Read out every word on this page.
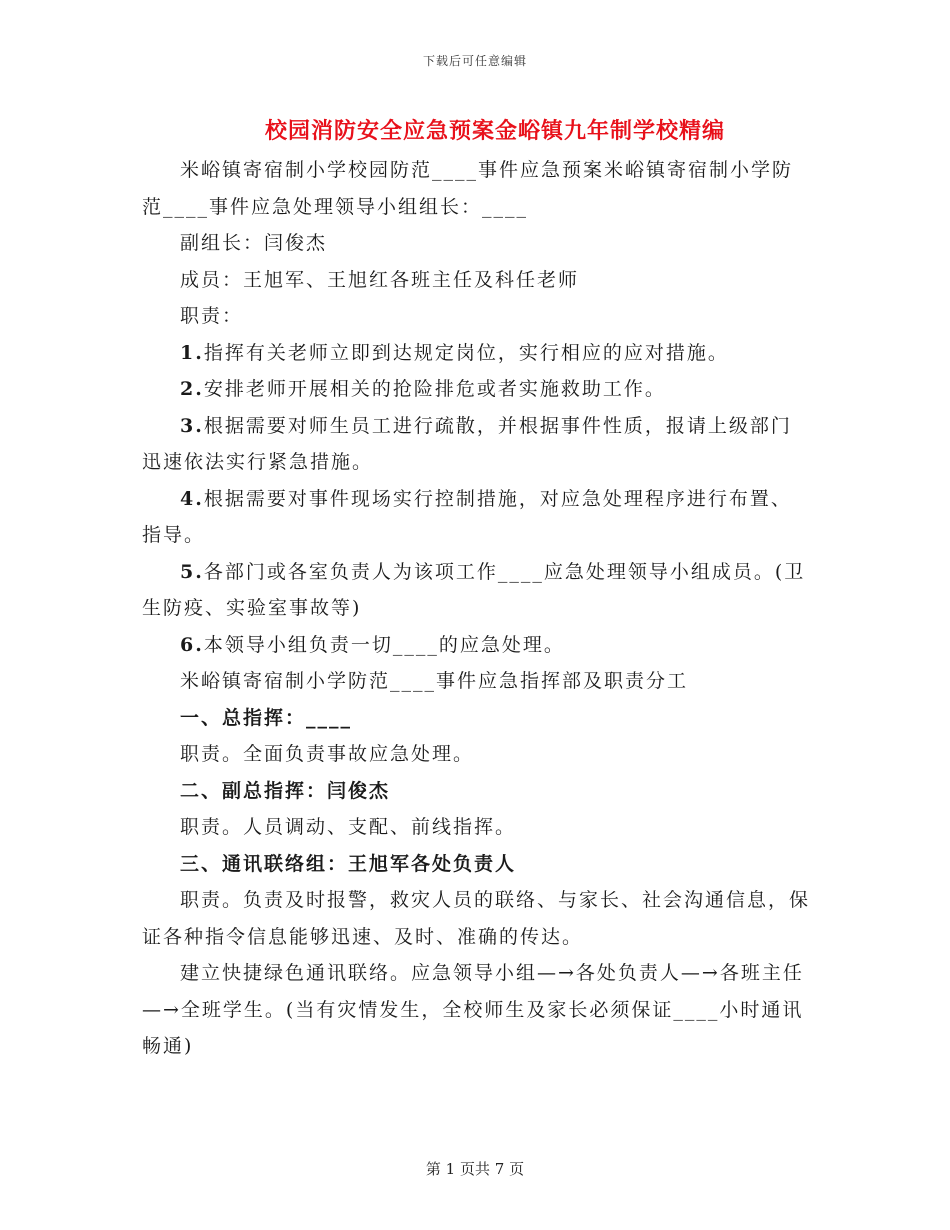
下载后可任意编辑
校园消防安全应急预案金峪镇九年制学校精编

米峪镇寄宿制小学校园防范____事件应急预案米峪镇寄宿制小学防范____事件应急处理领导小组组长：____

副组长：闫俊杰

成员：王旭军、王旭红各班主任及科任老师

职责：

1.指挥有关老师立即到达规定岗位，实行相应的应对措施。

2.安排老师开展相关的抢险排危或者实施救助工作。

3.根据需要对师生员工进行疏散，并根据事件性质，报请上级部门迅速依法实行紧急措施。

4.根据需要对事件现场实行控制措施，对应急处理程序进行布置、指导。

5.各部门或各室负责人为该项工作____应急处理领导小组成员。(卫生防疫、实验室事故等)

6.本领导小组负责一切____的应急处理。

米峪镇寄宿制小学防范____事件应急指挥部及职责分工

一、总指挥：____

职责。全面负责事故应急处理。

二、副总指挥：闫俊杰

职责。人员调动、支配、前线指挥。

三、通讯联络组：王旭军各处负责人

职责。负责及时报警，救灾人员的联络、与家长、社会沟通信息，保证各种指令信息能够迅速、及时、准确的传达。

建立快捷绿色通讯联络。应急领导小组—→各处负责人—→各班主任—→全班学生。(当有灾情发生，全校师生及家长必须保证____小时通讯畅通)

第 1 页共 7 页
